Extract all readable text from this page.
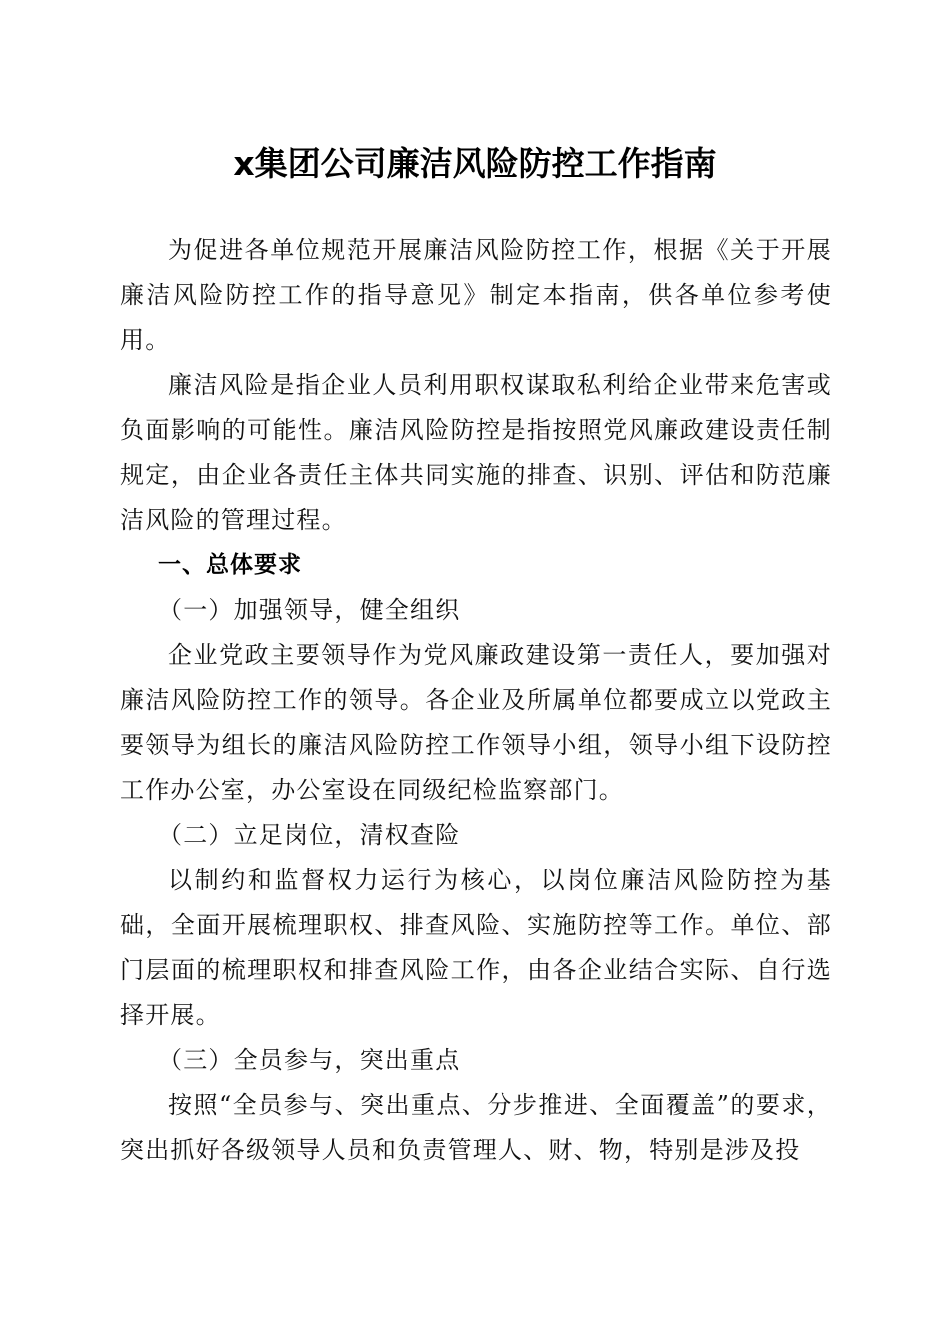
x集团公司廉洁风险防控工作指南

为促进各单位规范开展廉洁风险防控工作，根据《关于开展廉洁风险防控工作的指导意见》制定本指南，供各单位参考使用。

廉洁风险是指企业人员利用职权谋取私利给企业带来危害或负面影响的可能性。廉洁风险防控是指按照党风廉政建设责任制规定，由企业各责任主体共同实施的排查、识别、评估和防范廉洁风险的管理过程。

一、总体要求

（一）加强领导，健全组织

企业党政主要领导作为党风廉政建设第一责任人，要加强对廉洁风险防控工作的领导。各企业及所属单位都要成立以党政主要领导为组长的廉洁风险防控工作领导小组，领导小组下设防控工作办公室，办公室设在同级纪检监察部门。

（二）立足岗位，清权查险

以制约和监督权力运行为核心，以岗位廉洁风险防控为基础，全面开展梳理职权、排查风险、实施防控等工作。单位、部门层面的梳理职权和排查风险工作，由各企业结合实际、自行选择开展。

（三）全员参与，突出重点

按照“全员参与、突出重点、分步推进、全面覆盖”的要求，突出抓好各级领导人员和负责管理人、财、物，特别是涉及投
